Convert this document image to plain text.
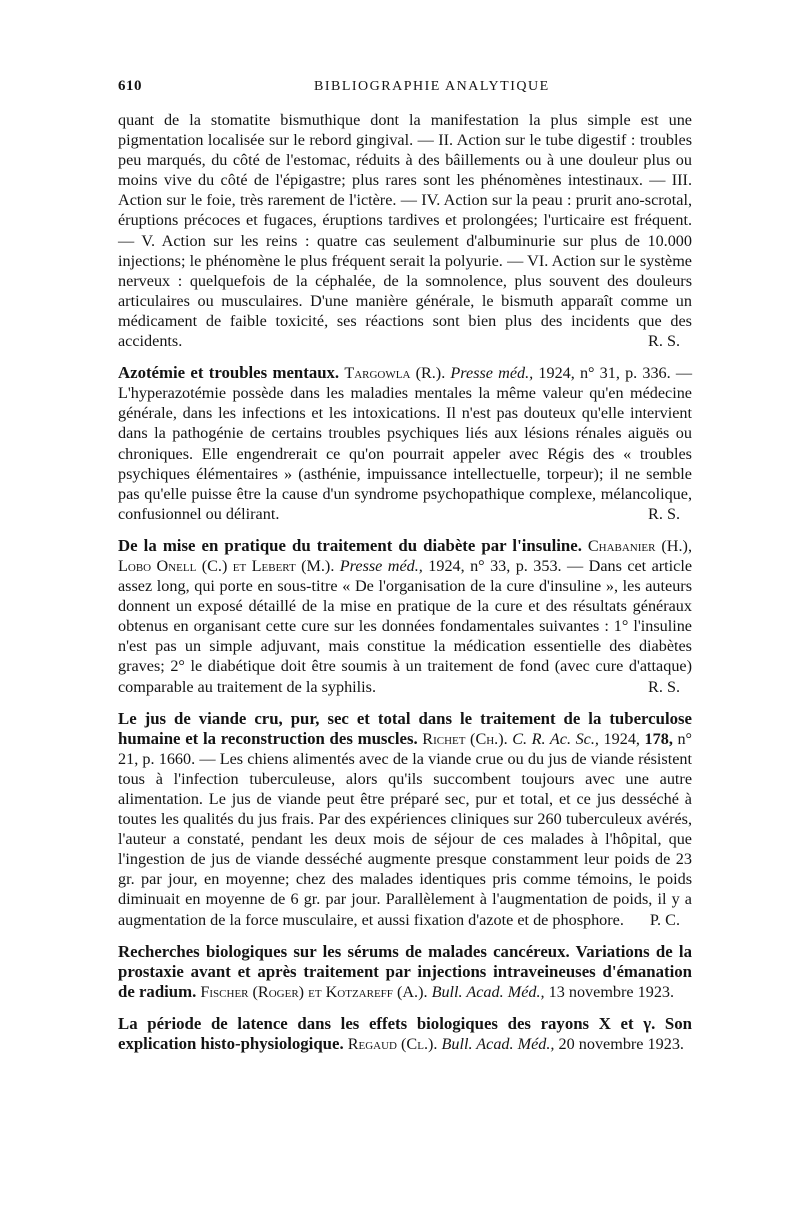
610	BIBLIOGRAPHIE ANALYTIQUE

quant de la stomatite bismuthique dont la manifestation la plus simple est une pigmentation localisée sur le rebord gingival. — II. Action sur le tube digestif : troubles peu marqués, du côté de l'estomac, réduits à des bâillements ou à une douleur plus ou moins vive du côté de l'épigastre; plus rares sont les phénomènes intestinaux. — III. Action sur le foie, très rarement de l'ictère. — IV. Action sur la peau : prurit ano-scrotal, éruptions précoces et fugaces, éruptions tardives et prolongées; l'urticaire est fréquent. — V. Action sur les reins : quatre cas seulement d'albuminurie sur plus de 10.000 injections; le phénomène le plus fréquent serait la polyurie. — VI. Action sur le système nerveux : quelquefois de la céphalée, de la somnolence, plus souvent des douleurs articulaires ou musculaires. D'une manière générale, le bismuth apparaît comme un médicament de faible toxicité, ses réactions sont bien plus des incidents que des accidents.	R. S.

Azotémie et troubles mentaux. Targowla (R.). Presse méd., 1924, n° 31, p. 336. — L'hyperazotémie possède dans les maladies mentales la même valeur qu'en médecine générale, dans les infections et les intoxications. Il n'est pas douteux qu'elle intervient dans la pathogénie de certains troubles psychiques liés aux lésions rénales aiguës ou chroniques. Elle engendrerait ce qu'on pourrait appeler avec Régis des « troubles psychiques élémentaires » (asthénie, impuissance intellectuelle, torpeur); il ne semble pas qu'elle puisse être la cause d'un syndrome psychopathique complexe, mélancolique, confusionnel ou délirant.	R. S.

De la mise en pratique du traitement du diabète par l'insuline. Chabanier (H.), Lobo Onell (C.) et Lebert (M.). Presse méd., 1924, n° 33, p. 353. — Dans cet article assez long, qui porte en sous-titre « De l'organisation de la cure d'insuline », les auteurs donnent un exposé détaillé de la mise en pratique de la cure et des résultats généraux obtenus en organisant cette cure sur les données fondamentales suivantes : 1° l'insuline n'est pas un simple adjuvant, mais constitue la médication essentielle des diabètes graves; 2° le diabétique doit être soumis à un traitement de fond (avec cure d'attaque) comparable au traitement de la syphilis.	R. S.

Le jus de viande cru, pur, sec et total dans le traitement de la tuberculose humaine et la reconstruction des muscles. Richet (Ch.). C. R. Ac. Sc., 1924, 178, n° 21, p. 1660. — Les chiens alimentés avec de la viande crue ou du jus de viande résistent tous à l'infection tuberculeuse, alors qu'ils succombent toujours avec une autre alimentation. Le jus de viande peut être préparé sec, pur et total, et ce jus desséché à toutes les qualités du jus frais. Par des expériences cliniques sur 260 tuberculeux avérés, l'auteur a constaté, pendant les deux mois de séjour de ces malades à l'hôpital, que l'ingestion de jus de viande desséché augmente presque constamment leur poids de 23 gr. par jour, en moyenne; chez des malades identiques pris comme témoins, le poids diminuait en moyenne de 6 gr. par jour. Parallèlement à l'augmentation de poids, il y a augmentation de la force musculaire, et aussi fixation d'azote et de phosphore. P. C.

Recherches biologiques sur les sérums de malades cancéreux. Variations de la prostaxie avant et après traitement par injections intraveineuses d'émanation de radium. Fischer (Roger) et Kotzareff (A.). Bull. Acad. Méd., 13 novembre 1923.

La période de latence dans les effets biologiques des rayons X et γ. Son explication histo-physiologique. Regaud (Cl.). Bull. Acad. Méd., 20 novembre 1923.
